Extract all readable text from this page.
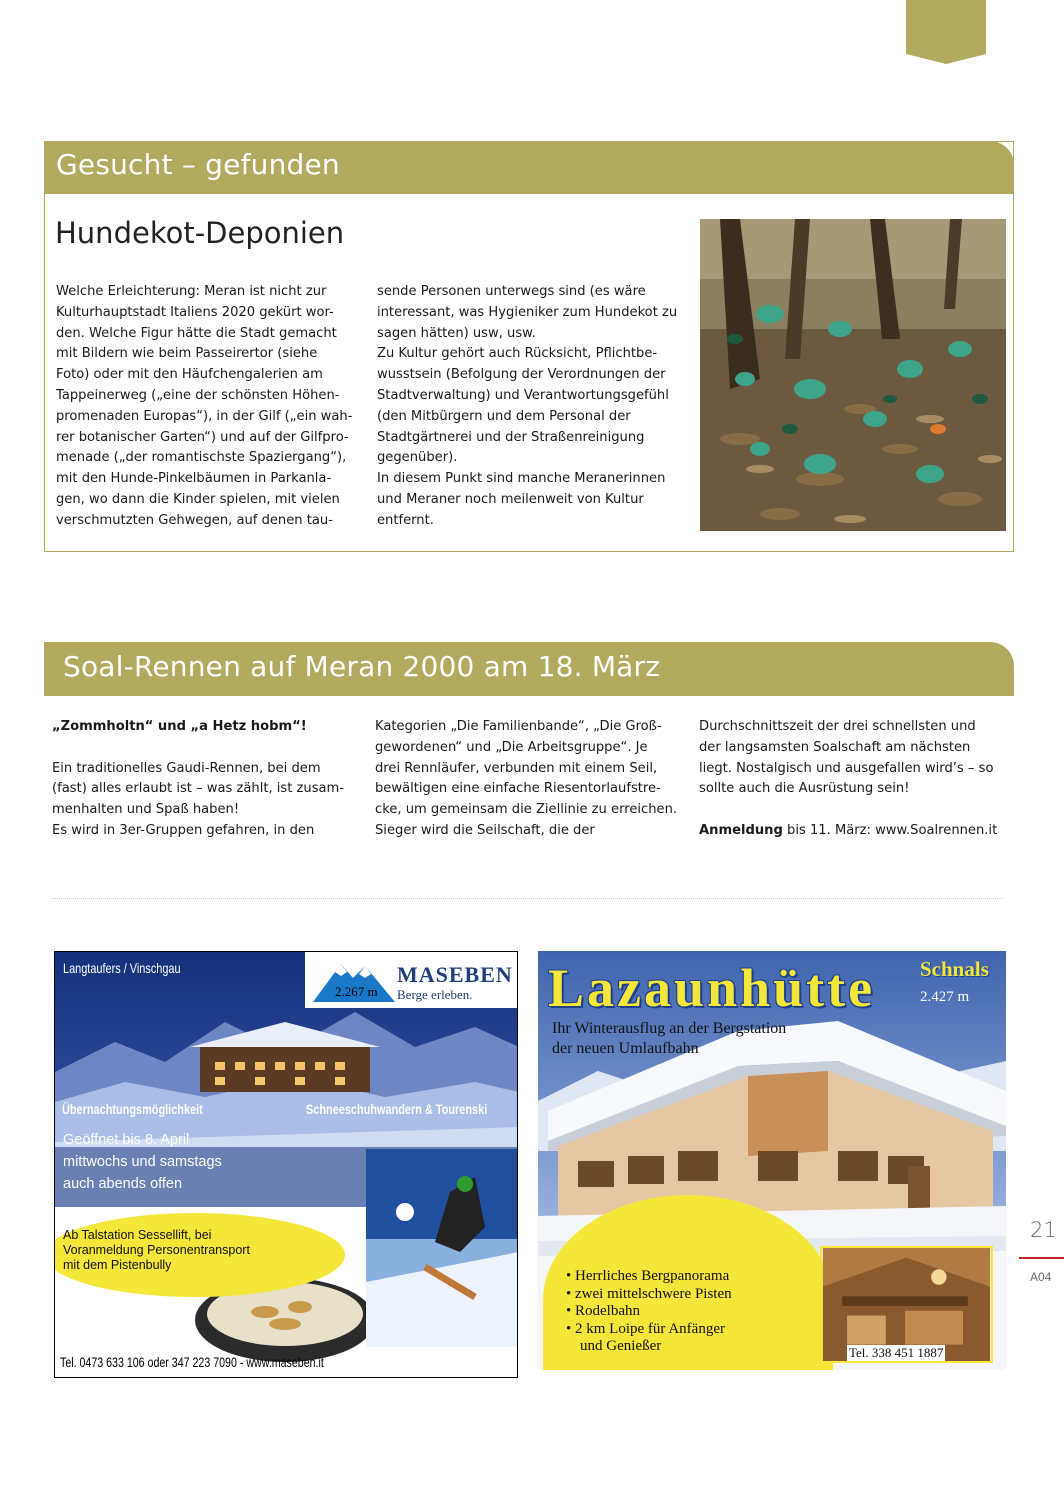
Gesucht – gefunden
Hundekot-Deponien

Welche Erleichterung: Meran ist nicht zur

Kulturhauptstadt Italiens 2020 gekürt wor-

den. Welche Figur hätte die Stadt gemacht

mit Bildern wie beim Passeirertor (siehe

Foto) oder mit den Häufchengalerien am

Tappeinerweg („eine der schönsten Höhen-

promenaden Europas“), in der Gilf („ein wah-

rer botanischer Garten“) und auf der Gilfpro-

menade („der romantischste Spaziergang“),

mit den Hunde-Pinkelbäumen in Parkanla-

gen, wo dann die Kinder spielen, mit vielen

verschmutzten Gehwegen, auf denen tau-

sende Personen unterwegs sind (es wäre

interessant, was Hygieniker zum Hundekot zu

sagen hätten) usw, usw.

Zu Kultur gehört auch Rücksicht, Pflichtbe-

wusstsein (Befolgung der Verordnungen der

Stadtverwaltung) und Verantwortungsgefühl

(den Mitbürgern und dem Personal der

Stadtgärtnerei und der Straßenreinigung

gegenüber).

In diesem Punkt sind manche Meranerinnen

und Meraner noch meilenweit von Kultur

entfernt.

Soal-Rennen auf Meran 2000 am 18. März

„Zommholtn“ und „a Hetz hobm“!

Ein traditionelles Gaudi-Rennen, bei dem

(fast) alles erlaubt ist – was zählt, ist zusam-

menhalten und Spaß haben!

Es wird in 3er-Gruppen gefahren, in den

Kategorien „Die Familienbande“, „Die Groß-

gewordenen“ und „Die Arbeitsgruppe“. Je

drei Rennläufer, verbunden mit einem Seil,

bewältigen eine einfache Riesentorlaufstre-

cke, um gemeinsam die Ziellinie zu erreichen.

Sieger wird die Seilschaft, die der

Durchschnittszeit der drei schnellsten und

der langsamsten Soalschaft am nächsten

liegt. Nostalgisch und ausgefallen wird’s – so

sollte auch die Ausrüstung sein!

Anmeldung bis 11. März: www.Soalrennen.it

Langtaufers / Vinschgau
2.267 m
MASEBEN
Berge erleben.
Übernachtungsmöglichkeit	Schneeschuhwandern & Tourenski
Geöffnet bis 8. April
mittwochs und samstags
auch abends offen
Ab Talstation Sessellift, bei
Voranmeldung Personentransport
mit dem Pistenbully
Tel. 0473 633 106 oder 347 223 7090 - www.maseben.it
Lazaunhütte Schnals
2.427 m
Ihr Winterausflug an der Bergstation
der neuen Umlaufbahn
• Herrliches Bergpanorama
• zwei mittelschwere Pisten
• Rodelbahn
• 2 km Loipe für Anfänger
und Genießer	Tel. 338 451 1887
21
A04
